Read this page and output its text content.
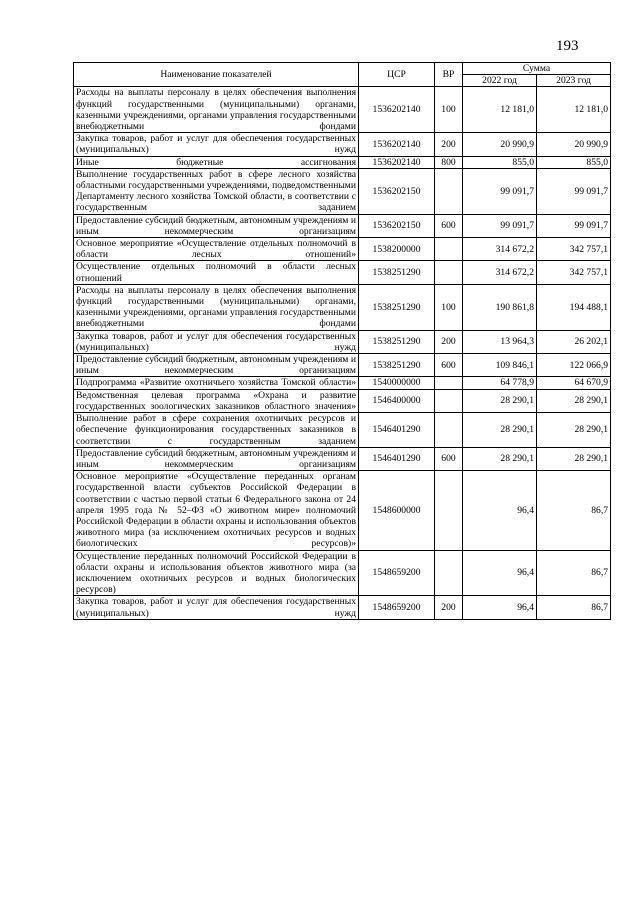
193
Наименование показателей	ЦСР	ВР	Сумма	
			2022 год	2023 год
Расходы на выплаты персоналу в целях обеспечения выполнения функций государственными (муниципальными) органами, казенными учреждениями, органами управления государственными внебюджетными фондами	1536202140	100	12 181,0	12 181,0
Закупка товаров, работ и услуг для обеспечения государственных (муниципальных) нужд	1536202140	200	20 990,9	20 990,9
Иные бюджетные ассигнования	1536202140	800	855,0	855,0
Выполнение государственных работ в сфере лесного хозяйства областными государственными учреждениями, подведомственными Департаменту лесного хозяйства Томской области, в соответствии с государственным заданием	1536202150		99 091,7	99 091,7
Предоставление субсидий бюджетным, автономным учреждениям и иным некоммерческим организациям	1536202150	600	99 091,7	99 091,7
Основное мероприятие «Осуществление отдельных полномочий в области лесных отношений»	1538200000		314 672,2	342 757,1
Осуществление отдельных полномочий в области лесных отношений	1538251290		314 672,2	342 757,1
Расходы на выплаты персоналу в целях обеспечения выполнения функций государственными (муниципальными) органами, казенными учреждениями, органами управления государственными внебюджетными фондами	1538251290	100	190 861,8	194 488,1
Закупка товаров, работ и услуг для обеспечения государственных (муниципальных) нужд	1538251290	200	13 964,3	26 202,1
Предоставление субсидий бюджетным, автономным учреждениям и иным некоммерческим организациям	1538251290	600	109 846,1	122 066,9
Подпрограмма «Развитие охотничьего хозяйства Томской области»	1540000000		64 778,9	64 670,9
Ведомственная целевая программа «Охрана и развитие государственных зоологических заказников областного значения»	1546400000		28 290,1	28 290,1
Выполнение работ в сфере сохранения охотничьих ресурсов и обеспечение функционирования государственных заказников в соответствии с государственным заданием	1546401290		28 290,1	28 290,1
Предоставление субсидий бюджетным, автономным учреждениям и иным некоммерческим организациям	1546401290	600	28 290,1	28 290,1
Основное мероприятие «Осуществление переданных органам государственной власти субъектов Российской Федерации в соответствии с частью первой статьи 6 Федерального закона от 24 апреля 1995 года № 52–ФЗ «О животном мире» полномочий Российской Федерации в области охраны и использования объектов животного мира (за исключением охотничьих ресурсов и водных биологических ресурсов)»	1548600000		96,4	86,7
Осуществление переданных полномочий Российской Федерации в области охраны и использования объектов животного мира (за исключением охотничьих ресурсов и водных биологических ресурсов)	1548659200		96,4	86,7
Закупка товаров, работ и услуг для обеспечения государственных (муниципальных) нужд	1548659200	200	96,4	86,7
